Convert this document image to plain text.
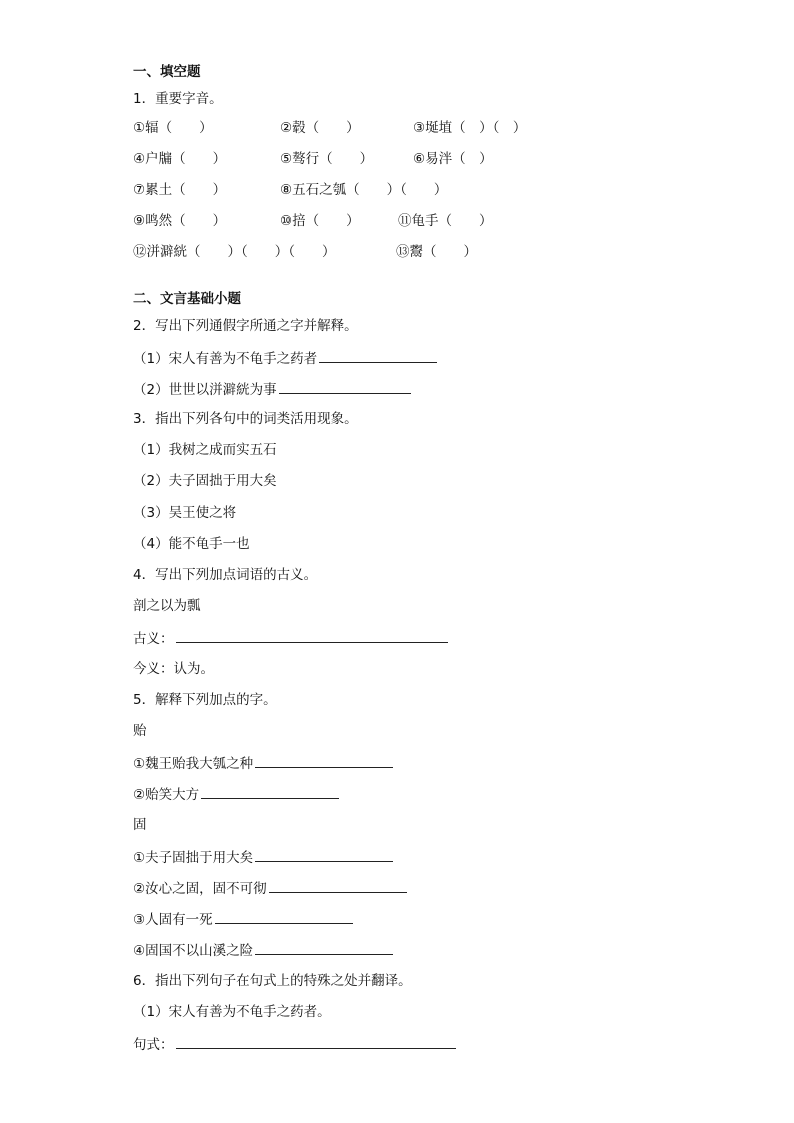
一、填空题
1．重要字音。
①辐（　　）	②毂（　　）	③埏埴（　）（　）
④户牖（　　）	⑤骜行（　　）	⑥易泮（　）
⑦累土（　　）	⑧五石之瓠（　　）（　　）
⑨鸣然（　　）	⑩掊（　　）	⑪龟手（　　）
⑫洴澼絖（　　）（　　）（　　）	⑬鬻（　　）
二、文言基础小题
2．写出下列通假字所通之字并解释。
（1）宋人有善为不龟手之药者
（2）世世以洴澼絖为事
3．指出下列各句中的词类活用现象。
（1）我树之成而实五石
（2）夫子固拙于用大矣
（3）吴王使之将
（4）能不龟手一也
4．写出下列加点词语的古义。
剖之以为瓢
古义：
今义：认为。
5．解释下列加点的字。
贻
①魏王贻我大瓠之种
②贻笑大方
固
①夫子固拙于用大矣
②汝心之固，固不可彻
③人固有一死
④固国不以山溪之险
6．指出下列句子在句式上的特殊之处并翻译。
（1）宋人有善为不龟手之药者。
句式：
